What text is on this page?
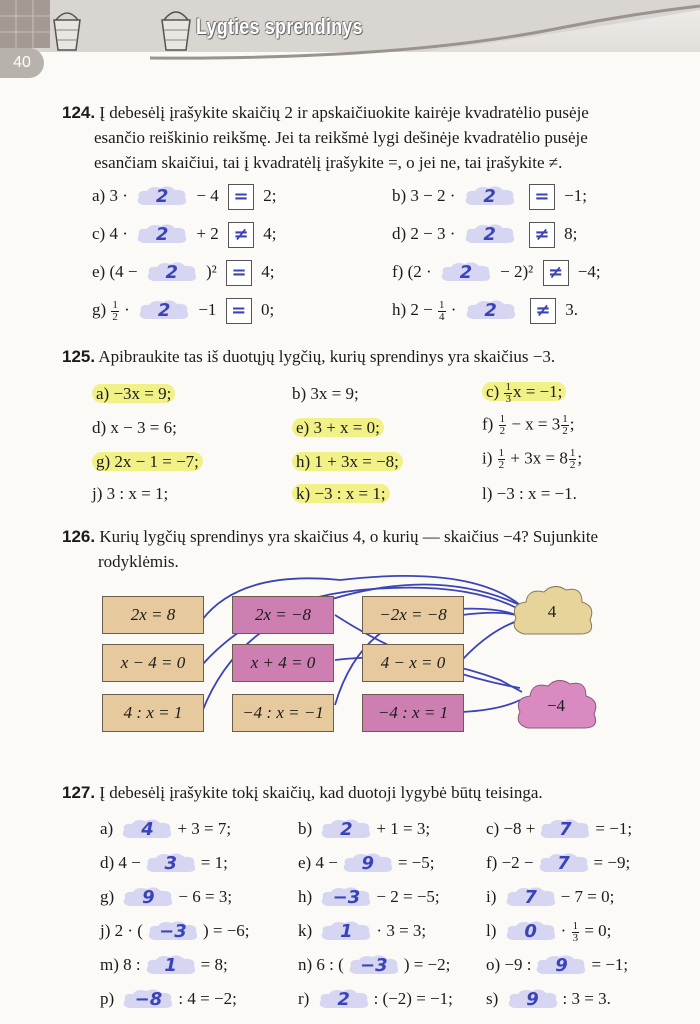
40
Lygties sprendinys
124. Į debesėlį įrašykite skaičių 2 ir apskaičiuokite kairėje kvadratėlio pusėje
esančio reiškinio reikšmę. Jei ta reikšmė lygi dešinėje kvadratėlio pusėje
esančiam skaičiui, tai į kvadratėlį įrašykite =, o jei ne, tai įrašykite ≠.
a) 3 ·	2	− 4 = 2;	b) 3 − 2 ·	2	= −1;
c) 4 ·	2	+ 2 ≠ 4;	d) 2 − 3 ·	2	≠ 8;
e) (4 −	2	)² = 4;	f) (2 ·	2	− 2)² ≠ −4;
$g) \frac{1}{2}$ ·	2	−1 = 0;	h) $2 - \frac{1}{4}$ ·	2	≠ 3.
125. Apibraukite tas iš duotųjų lygčių, kurių sprendinys yra skaičius −3.
a) −3x = 9;	b) 3x = 9;	$c) \frac{1}{3}$ x = −1;
d) x − 3 = 6;	e) 3 + x = 0;	$f) \frac{1}{2} - x = 3 \frac{1}{2}$ ;
g) 2x − 1 = −7;	h) 1 + 3x = −8;	$i) \frac{1}{2} + 3x = 8 \frac{1}{2}$ ;
j) 3 : x = 1;	k) −3 : x = 1;	l) −3 : x = −1.
126. Kurių lygčių sprendinys yra skaičius 4, o kurių — skaičius −4? Sujunkite
rodyklėmis.
2x = 8	2x = −8	−2x = −8
x − 4 = 0	x + 4 = 0	4 − x = 0
4 : x = 1	−4 : x = −1	−4 : x = 1
4
−4
127. Į debesėlį įrašykite tokį skaičių, kad duotoji lygybė būtų teisinga.
a)	4	+ 3 = 7;	b)	2	+ 1 = 3;	c) −8 +	7	= −1;
d) 4 −	3	= 1;	e) 4 −	9	= −5;	f) −2 −	7	= −9;
g)	9	− 6 = 3;	h)	−3 − 2 = −5;	i)	7	− 7 = 0;
j) 2 · ( −3 ) = −6;	k)	1	· 3 = 3;	l)	0	· $\frac{1}{3} = 0$;
m) 8 :	1	= 8;	n) 6 : ( −3 ) = −2; o) −9 :	9	= −1;
p)	−8 : 4 = −2;	r)	2	: (−2) = −1; s)	9	: 3 = 3.
